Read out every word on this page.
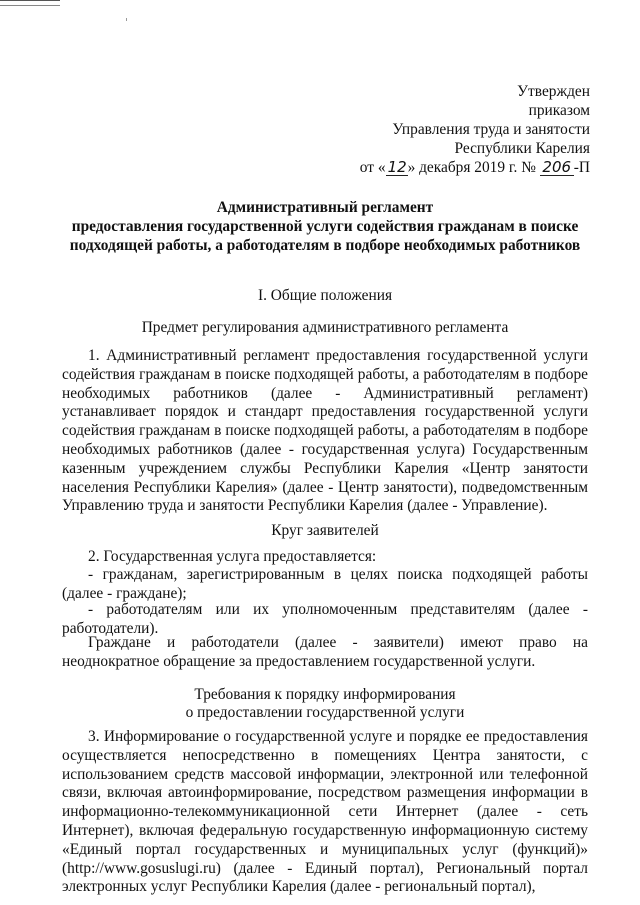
Утвержден
приказом
Управления труда и занятости
Республики Карелия
от « 12» декабря 2019 г. № 206 -П
Административный регламент
предоставления государственной услуги содействия гражданам в поиске
подходящей работы, а работодателям в подборе необходимых работников
I. Общие положения
Предмет регулирования административного регламента
1. Административный регламент предоставления государственной услуги содействия гражданам в поиске подходящей работы, а работодателям в подборе необходимых работников (далее - Административный регламент) устанавливает порядок и стандарт предоставления государственной услуги содействия гражданам в поиске подходящей работы, а работодателям в подборе необходимых работников (далее - государственная услуга) Государственным казенным учреждением службы Республики Карелия «Центр занятости населения Республики Карелия» (далее - Центр занятости), подведомственным Управлению труда и занятости Республики Карелия (далее - Управление).
Круг заявителей
2. Государственная услуга предоставляется:
- гражданам, зарегистрированным в целях поиска подходящей работы (далее - граждане);
- работодателям или их уполномоченным представителям (далее - работодатели).
Граждане и работодатели (далее - заявители) имеют право на неоднократное обращение за предоставлением государственной услуги.
Требования к порядку информирования
о предоставлении государственной услуги
3. Информирование о государственной услуге и порядке ее предоставления осуществляется непосредственно в помещениях Центра занятости, с использованием средств массовой информации, электронной или телефонной связи, включая автоинформирование, посредством размещения информации в информационно-телекоммуникационной сети Интернет (далее - сеть Интернет), включая федеральную государственную информационную систему «Единый портал государственных и муниципальных услуг (функций)» (http://www.gosuslugi.ru) (далее - Единый портал), Региональный портал электронных услуг Республики Карелия (далее - региональный портал),
